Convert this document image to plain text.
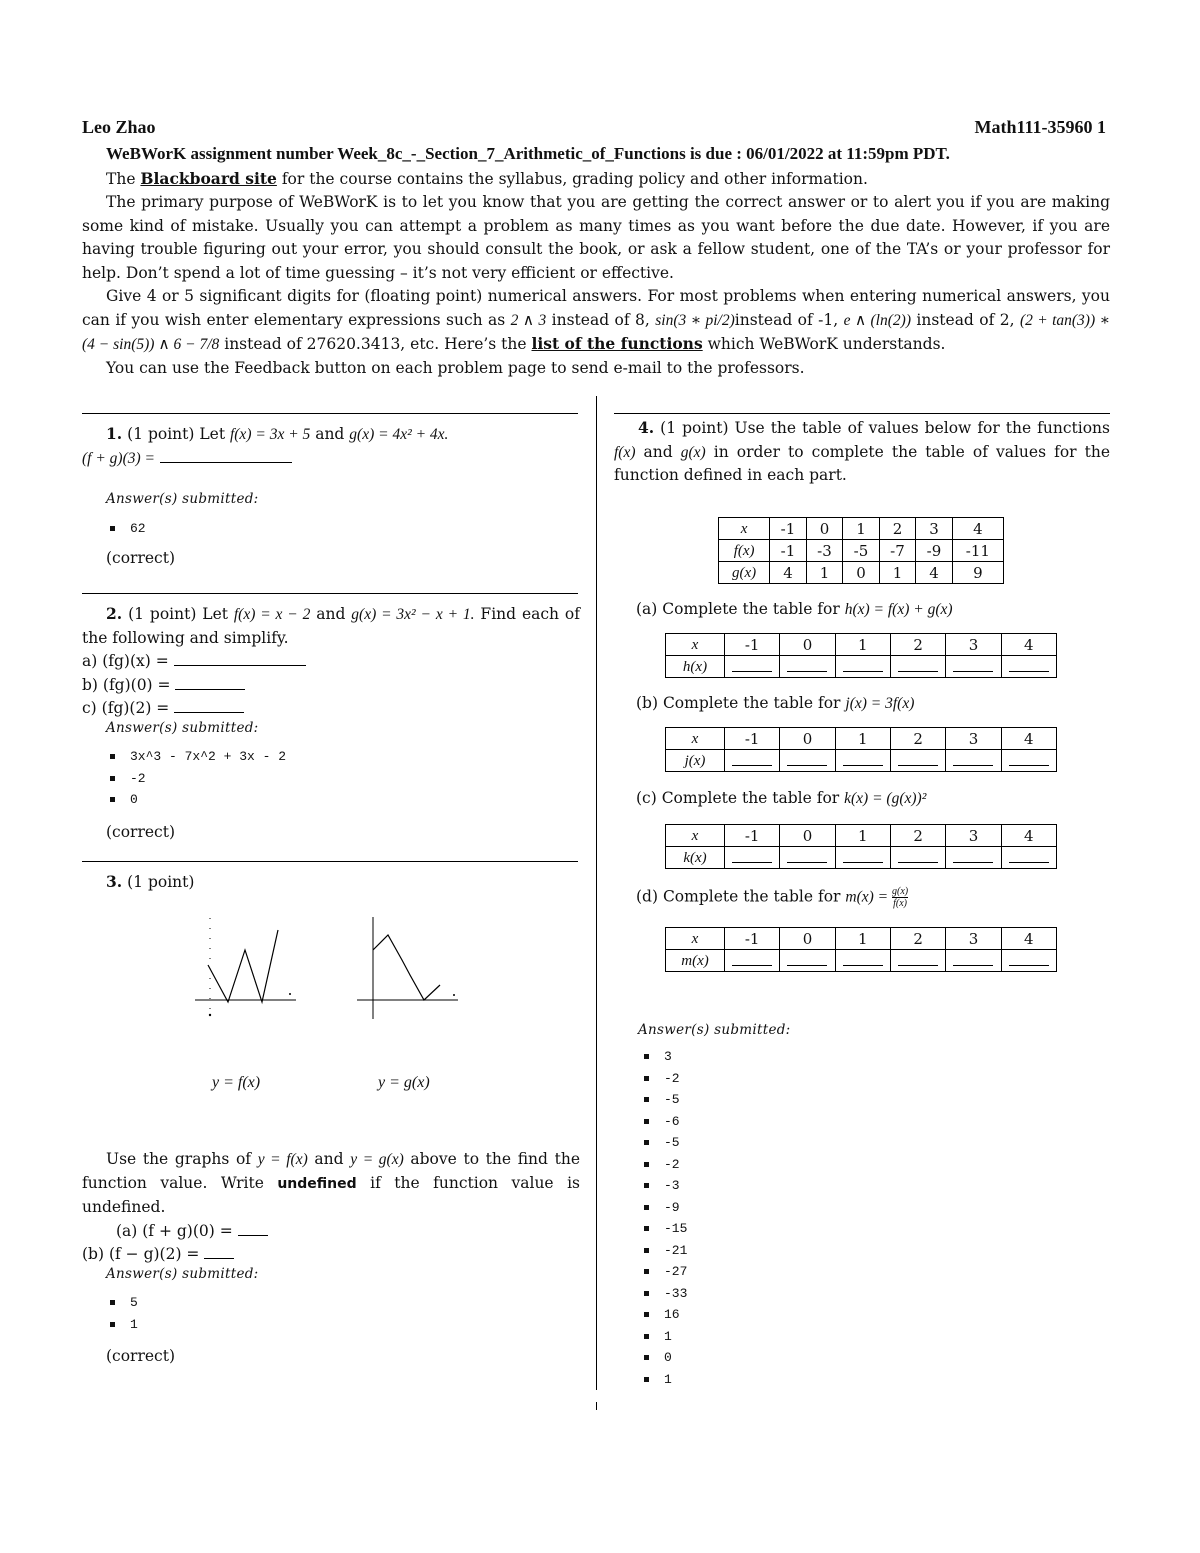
Leo Zhao	Math111-35960 1

WeBWorK assignment number Week_8c_-_Section_7_Arithmetic_of_Functions is due : 06/01/2022 at 11:59pm PDT.

The Blackboard site for the course contains the syllabus, grading policy and other information.

The primary purpose of WeBWorK is to let you know that you are getting the correct answer or to alert you if you are making some kind of mistake. Usually you can attempt a problem as many times as you want before the due date. However, if you are having trouble figuring out your error, you should consult the book, or ask a fellow student, one of the TA’s or your professor for help. Don’t spend a lot of time guessing – it’s not very efficient or effective.

Give 4 or 5 significant digits for (floating point) numerical answers. For most problems when entering numerical answers, you can if you wish enter elementary expressions such as 2 ∧ 3 instead of 8, sin(3 ∗ pi/2)instead of -1, e ∧ (ln(2)) instead of 2, (2 + tan(3)) ∗ (4 − sin(5)) ∧ 6 − 7/8 instead of 27620.3413, etc. Here’s the list of the functions which WeBWorK understands.

You can use the Feedback button on each problem page to send e-mail to the professors.

1. (1 point) Let f(x) = 3x + 5 and g(x) = 4x² + 4x.
(f + g)(3) =
Answer(s) submitted:
62
(correct)
2. (1 point) Let f(x) = x − 2 and g(x) = 3x² − x + 1. Find each of the following and simplify.
a) (fg)(x) =
b) (fg)(0) =
c) (fg)(2) =
Answer(s) submitted:
3x^3 - 7x^2 + 3x - 2
-2
0
(correct)
3. (1 point)
y = f(x)	y = g(x)
Use the graphs of y = f(x) and y = g(x) above to the find the function value. Write undefined if the function value is undefined.
(a) (f + g)(0) =
(b) (f − g)(2) =
Answer(s) submitted:
5
1
(correct)
4. (1 point) Use the table of values below for the functions f(x) and g(x) in order to complete the table of values for the function defined in each part.
x	-1	0	1	2	3	4
f(x)	-1	-3	-5	-7	-9	-11
g(x)	4	1	0	1	4	9
(a) Complete the table for h(x) = f(x) + g(x)
x	-1	0	1	2	3	4
h(x)						
(b) Complete the table for j(x) = 3f(x)
x	-1	0	1	2	3	4
j(x)						
(c) Complete the table for k(x) = (g(x))²
x	-1	0	1	2	3	4
k(x)						
(d) Complete the table for $m(x) = \frac{g(x)}{f(x)}$
x	-1	0	1	2	3	4
m(x)						
Answer(s) submitted:
3
-2
-5
-6
-5
-2
-3
-9
-15
-21
-27
-33
16
1
0
1
